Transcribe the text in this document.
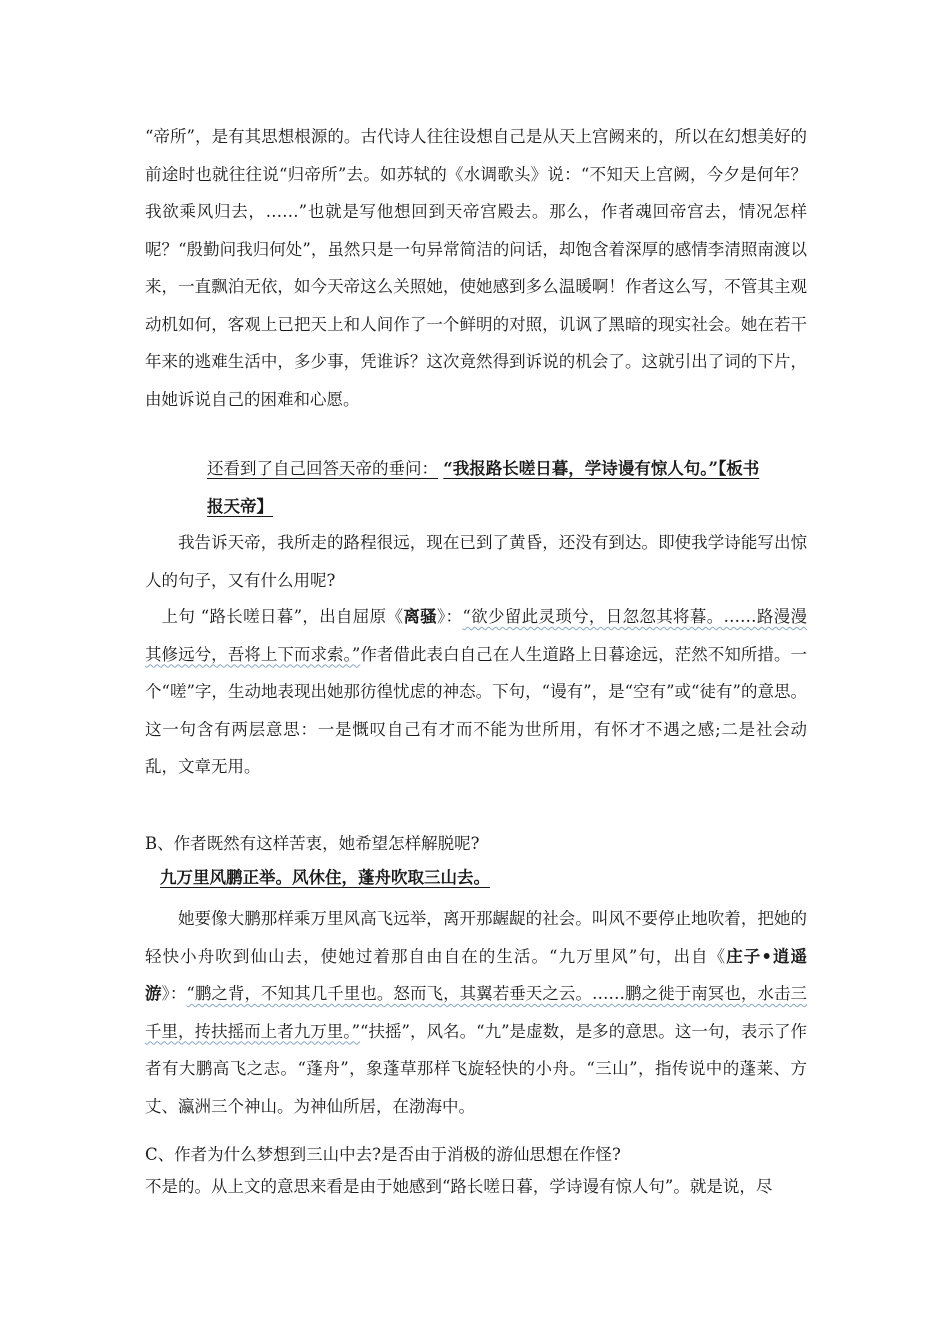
“帝所”，是有其思想根源的。古代诗人往往设想自己是从天上宫阙来的，所以在幻想美好的前途时也就往往说“归帝所”去。如苏轼的《水调歌头》说：“不知天上宫阙，今夕是何年？我欲乘风归去，……”也就是写他想回到天帝宫殿去。那么，作者魂回帝宫去，情况怎样呢？“殷勤问我归何处”，虽然只是一句异常简洁的问话，却饱含着深厚的感情李清照南渡以来，一直飘泊无依，如今天帝这么关照她，使她感到多么温暖啊！作者这么写，不管其主观动机如何，客观上已把天上和人间作了一个鲜明的对照，讥讽了黑暗的现实社会。她在若干年来的逃难生活中，多少事，凭谁诉？这次竟然得到诉说的机会了。这就引出了词的下片，由她诉说自己的困难和心愿。

还看到了自己回答天帝的垂问： “我报路长嗟日暮，学诗谩有惊人句。”【板书
报天帝】

我告诉天帝，我所走的路程很远，现在已到了黄昏，还没有到达。即使我学诗能写出惊人的句子，又有什么用呢?

上句 “路长嗟日暮”，出自屈原《离骚》：“欲少留此灵琐兮，日忽忽其将暮。……路漫漫其修远兮，吾将上下而求索。”作者借此表白自己在人生道路上日暮途远，茫然不知所措。一个“嗟”字，生动地表现出她那彷徨忧虑的神态。下句，“谩有”，是“空有”或“徒有”的意思。这一句含有两层意思：一是慨叹自己有才而不能为世所用，有怀才不遇之感;二是社会动乱，文章无用。

B、作者既然有这样苦衷，她希望怎样解脱呢?

九万里风鹏正举。风休住，蓬舟吹取三山去。

她要像大鹏那样乘万里风高飞远举，离开那龌龊的社会。叫风不要停止地吹着，把她的轻快小舟吹到仙山去，使她过着那自由自在的生活。“九万里风”句，出自《庄子•逍遥游》：“鹏之背，不知其几千里也。怒而飞，其翼若垂天之云。……鹏之徙于南冥也，水击三千里，抟扶摇而上者九万里。”“扶摇”，风名。“九”是虚数，是多的意思。这一句，表示了作者有大鹏高飞之志。“蓬舟”，象蓬草那样飞旋轻快的小舟。“三山”，指传说中的蓬莱、方丈、瀛洲三个神山。为神仙所居，在渤海中。

C、作者为什么梦想到三山中去?是否由于消极的游仙思想在作怪?

不是的。从上文的意思来看是由于她感到“路长嗟日暮，学诗谩有惊人句”。就是说，尽
